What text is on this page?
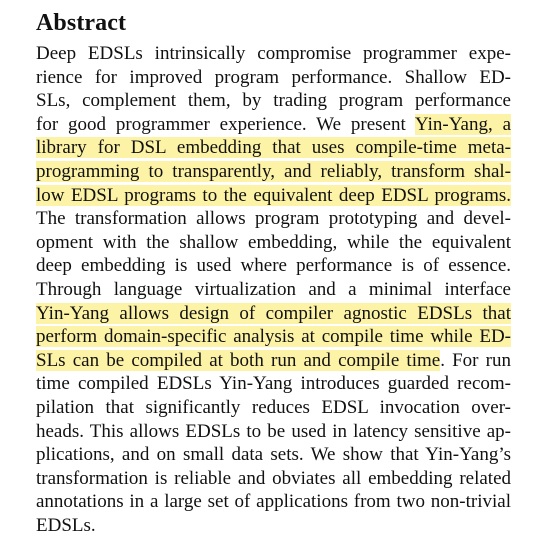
Abstract
Deep EDSLs intrinsically compromise programmer expe-
rience for improved program performance. Shallow ED-
SLs, complement them, by trading program performance
for good programmer experience. We present Yin-Yang, a
library for DSL embedding that uses compile-time meta-
programming to transparently, and reliably, transform shal-
low EDSL programs to the equivalent deep EDSL programs.
The transformation allows program prototyping and devel-
opment with the shallow embedding, while the equivalent
deep embedding is used where performance is of essence.
Through language virtualization and a minimal interface
Yin-Yang allows design of compiler agnostic EDSLs that
perform domain-specific analysis at compile time while ED-
SLs can be compiled at both run and compile time. For run
time compiled EDSLs Yin-Yang introduces guarded recom-
pilation that significantly reduces EDSL invocation over-
heads. This allows EDSLs to be used in latency sensitive ap-
plications, and on small data sets. We show that Yin-Yang’s
transformation is reliable and obviates all embedding related
annotations in a large set of applications from two non-trivial
EDSLs.
